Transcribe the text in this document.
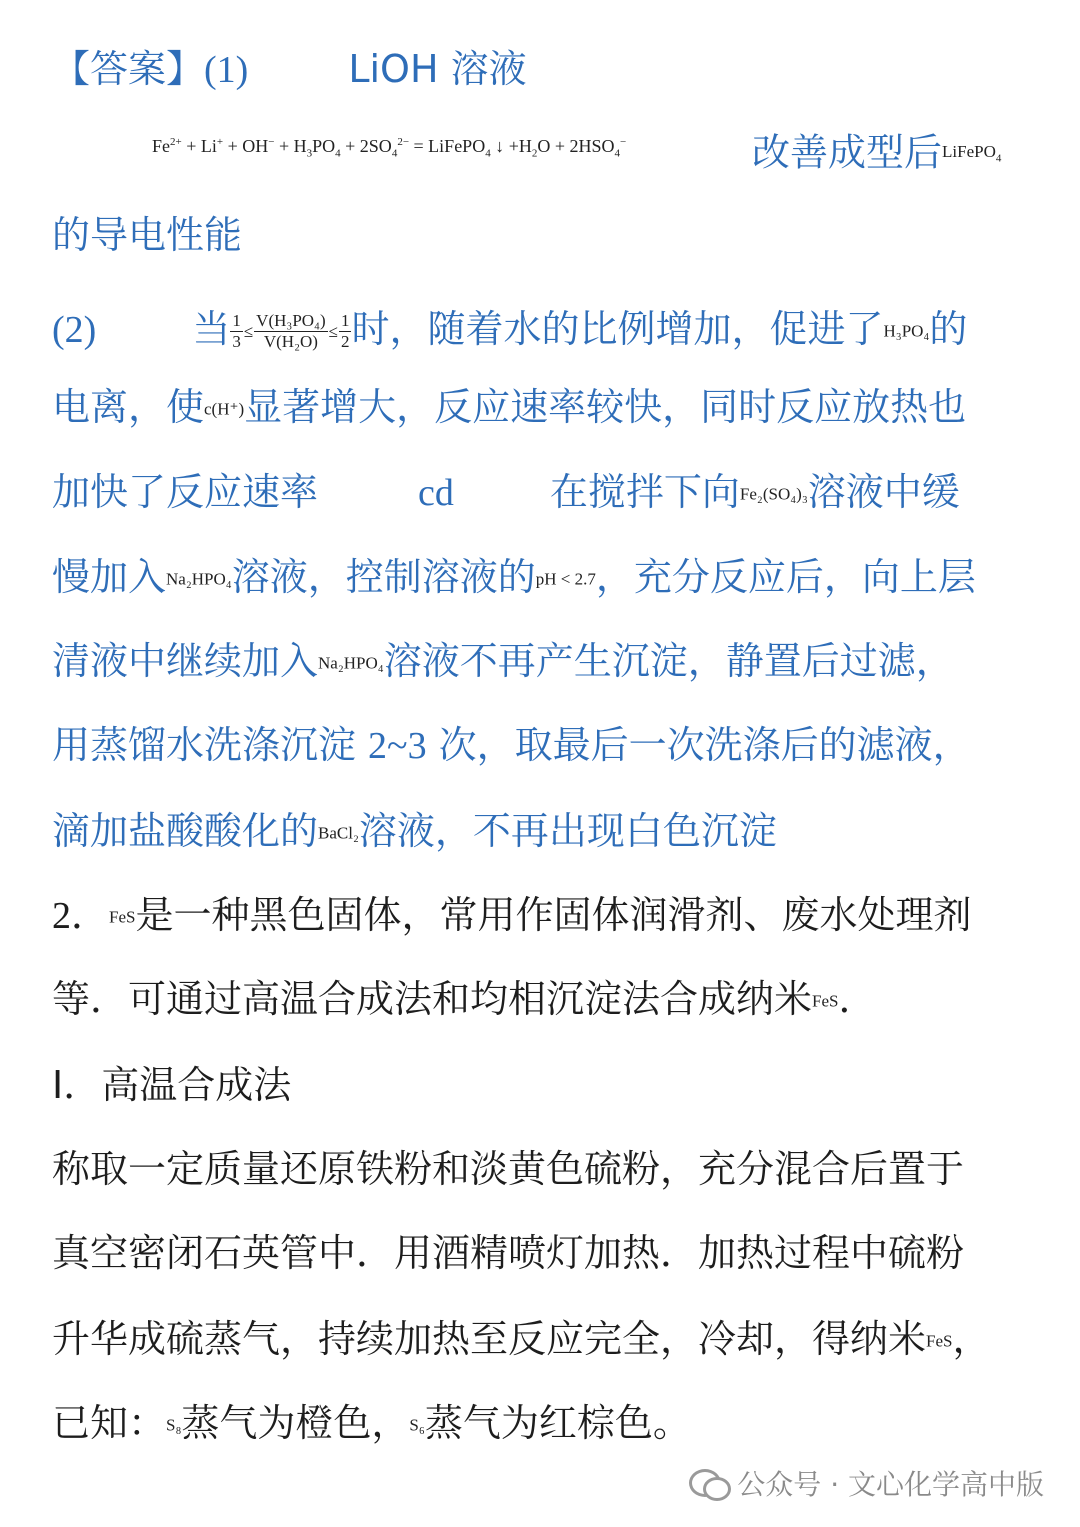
【答案】(1)	LiOH 溶液
$Fe^{2+} + Li^+ + OH^- + H_3PO_4 + 2SO_4^{2-}$ = LiFePO$_4$ ↓ $+H_2O + 2HSO_4^-$	改善成型后LiFePO$_4$
的导电性能
(2)	当 $\frac{1}{3} \le \frac{\text{V(H₃PO₄)}}{\text{V(H₂O)}} \le \frac{1}{2}$ 时，随着水的比例增加，促进了H₃PO₄的
电离，使c(H⁺)显著增大，反应速率较快，同时反应放热也
加快了反应速率	cd	在搅拌下向Fe₂(SO₄)₃溶液中缓
慢加入Na₂HPO₄溶液，控制溶液的pH < 2.7，充分反应后，向上层
清液中继续加入Na₂HPO₄溶液不再产生沉淀，静置后过滤，
用蒸馏水洗涤沉淀 2~3 次，取最后一次洗涤后的滤液，
滴加盐酸酸化的BaCl₂溶液，不再出现白色沉淀
2．FeS是一种黑色固体，常用作固体润滑剂、废水处理剂
等．可通过高温合成法和均相沉淀法合成纳米FeS．
I．高温合成法
称取一定质量还原铁粉和淡黄色硫粉，充分混合后置于
真空密闭石英管中．用酒精喷灯加热．加热过程中硫粉
升华成硫蒸气，持续加热至反应完全，冷却，得纳米FeS，
已知：S₈蒸气为橙色，S₆蒸气为红棕色。
公众号 · 文心化学高中版
